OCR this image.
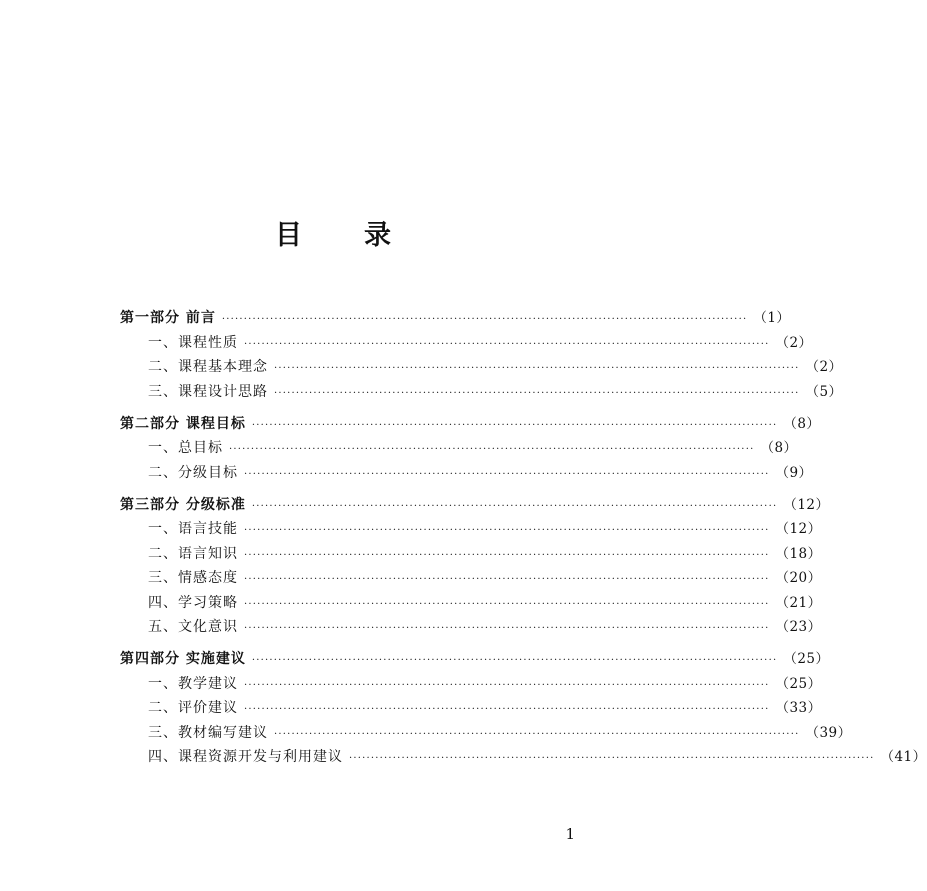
目 录
第一部分 前言 ························································································································ （1）
一、课程性质 ························································································································ （2）
二、课程基本理念 ························································································································ （2）
三、课程设计思路 ························································································································ （5）
第二部分 课程目标 ························································································································ （8）
一、总目标 ························································································································ （8）
二、分级目标 ························································································································ （9）
第三部分 分级标准 ························································································································ （12）
一、语言技能 ························································································································ （12）
二、语言知识 ························································································································ （18）
三、情感态度 ························································································································ （20）
四、学习策略 ························································································································ （21）
五、文化意识 ························································································································ （23）
第四部分 实施建议 ························································································································ （25）
一、教学建议 ························································································································ （25）
二、评价建议 ························································································································ （33）
三、教材编写建议 ························································································································ （39）
四、课程资源开发与利用建议 ························································································································ （41）
1
